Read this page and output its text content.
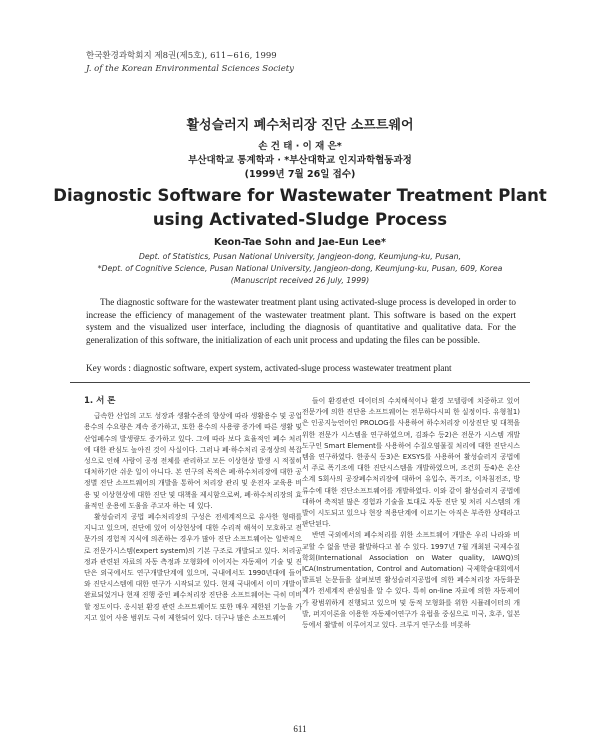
한국환경과학회지 제8권(제5호), 611~616, 1999
J. of the Korean Environmental Sciences Society
활성슬러지 폐수처리장 진단 소프트웨어
손 건 태 · 이 재 은*
부산대학교 통계학과 · *부산대학교 인지과학협동과정
(1999년 7월 26일 접수)
Diagnostic Software for Wastewater Treatment Plant
using Activated-Sludge Process
Keon-Tae Sohn and Jae-Eun Lee*
Dept. of Statistics, Pusan National University, Jangjeon-dong, Keumjung-ku, Pusan,
*Dept. of Cognitive Science, Pusan National University, Jangjeon-dong, Keumjung-ku, Pusan, 609, Korea
(Manuscript received 26 July, 1999)
The diagnostic software for the wastewater treatment plant using activated-sluge process is developed in order to increase the efficiency of management of the wastewater treatment plant. This software is based on the expert system and the visualized user interface, including the diagnosis of quantitative and qualitative data. For the generalization of this software, the initialization of each unit process and updating the files can be possible.
Key words : diagnostic software, expert system, activated-sluge process wastewater treatment plant

1. 서 론

급속한 산업의 고도 성장과 생활수준의 향상에 따라 생활용수 및 공업용수의 수요량은 계속 증가하고, 또한 용수의 사용량 증가에 따른 생활 및 산업폐수의 발생량도 증가하고 있다. 그에 따라 보다 효율적인 폐수 처리에 대한 관심도 높아진 것이 사실이다. 그러나 폐·하수처리 공정상의 복잡성으로 인해 사람이 공정 전체를 관리하고 모든 이상현상 발생 시 적절히 대처하기란 쉬운 일이 아니다. 본 연구의 목적은 폐·하수처리장에 대한 공정별 진단 소프트웨어의 개발을 통하여 처리장 관리 및 운전자 교육용 비용 및 이상현상에 대한 진단 및 대책을 제시함으로써, 폐·하수처리장의 효율적인 운용에 도움을 주고자 하는 데 있다.

활성슬러지 공법 폐수처리장의 구성은 전세계적으로 유사한 형태를 지니고 있으며, 진단에 있어 이상현상에 대한 수리적 해석이 모호하고 전문가의 경험적 지식에 의존하는 경우가 많아 진단 소프트웨어는 일반적으로 전문가시스템(expert system)의 기본 구조로 개발되고 있다. 처리공정과 관련된 자료의 자동 측정과 모형화에 이어지는 자동제어 기술 및 진단은 외국에서도 연구개발단계에 있으며, 국내에서도 1990년대에 들어와 진단시스템에 대한 연구가 시작되고 있다. 현재 국내에서 이미 개발이 완료되었거나 현재 진행 중인 폐수처리장 진단용 소프트웨어는 극히 미비할 정도이다. 옹시된 환경 관련 소프트웨어도 또한 매우 제한된 기능을 가지고 있어 사용 범위도 극히 제한되어 있다. 더구나 많은 소프트웨어

들이 환경관련 데이터의 수치해석이나 환경 모델링에 치중하고 있어 전문가에 의한 진단용 소프트웨어는 전무하다시피 한 실정이다. 유형철1)은 인공지능언어인 PROLOG를 사용하여 하수처리장 이상진단 및 대책을 위한 전문가 시스템을 연구하였으며, 김좌수 등2)은 전문가 시스템 개발 도구인 Smart Element를 사용하여 수질오염물질 처리에 대한 진단시스템을 연구하였다. 한종식 등3)은 EXSYS를 사용하여 활성슬러지 공법에서 주로 폭기조에 대한 진단시스템을 개발하였으며, 조건희 등4)은 온산소계 S회사의 공장폐수처리장에 대하여 유입수, 폭기조, 이차침전조, 방류수에 대한 진단소프트웨어를 개발하였다. 이와 같이 활성슬러지 공법에 대하여 축적된 많은 경험과 기술을 토대로 자동 진단 및 처리 시스템의 개발이 시도되고 있으나 현장 적용단계에 이르기는 아직은 부족한 상태라고 판단된다.

반면 국외에서의 폐수처리를 위한 소프트웨어 개발은 우리 나라와 비교할 수 없을 만큼 활발하다고 볼 수 있다. 1997년 7월 개최된 국제수질학회(International Association on Water quality, IAWQ)의 ICA(Instrumentation, Control and Automation) 국제학술대회에서 발표된 논문들을 살펴보면 활성슬러지공법에 의한 폐수처리장 자동화문제가 전세계적 관심임을 알 수 있다. 특히 on-line 자료에 의한 자동제어가 광범위하게 진행되고 있으며 및 동적 모형화를 위한 시뮬레이터의 개발, 퍼지이론을 이용한 자동제어연구가 유럽을 중심으로 미국, 호주, 일본 등에서 활발히 이루어지고 있다. 크루거 연구소를 비롯하

611
